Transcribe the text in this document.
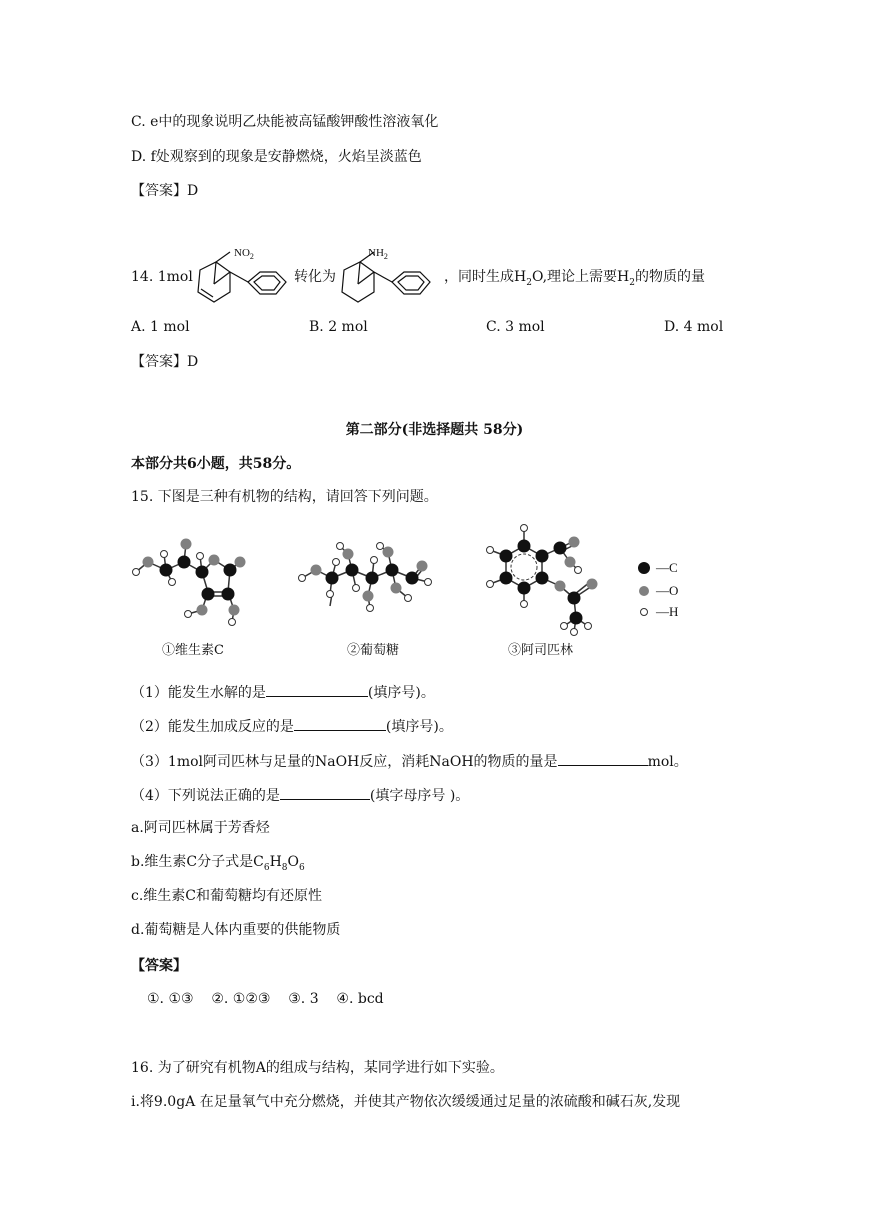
C. e中的现象说明乙炔能被高锰酸钾酸性溶液氧化
D. f处观察到的现象是安静燃烧，火焰呈淡蓝色
【答案】D
14. 1mol
$NO_2$
转化为
$NH_2$
，同时生成$H_2O$,理论上需要$H_2$的物质的量
A. 1 mol	B. 2 mol	C. 3 mol	D. 4 mol
【答案】D
第二部分(非选择题共 58分)
本部分共6小题，共58分。
15. 下图是三种有机物的结构，请回答下列问题。
—C
—O
—H
①维生素C	②葡萄糖	③阿司匹林
（1）能发生水解的是	(填序号)。
（2）能发生加成反应的是	(填序号)。
（3）1mol阿司匹林与足量的NaOH反应，消耗NaOH的物质的量是	mol。
（4）下列说法正确的是	(填字母序号 )。
a.阿司匹林属于芳香烃
b.维生素C分子式是$C_6H_8O_6$
c.维生素C和葡萄糖均有还原性
d.葡萄糖是人体内重要的供能物质
【答案】
①. ①③    ②. ①②③    ③. 3    ④. bcd
16. 为了研究有机物A的组成与结构，某同学进行如下实验。
i.将9.0gA 在足量氧气中充分燃烧，并使其产物依次缓缓通过足量的浓硫酸和碱石灰,发现
